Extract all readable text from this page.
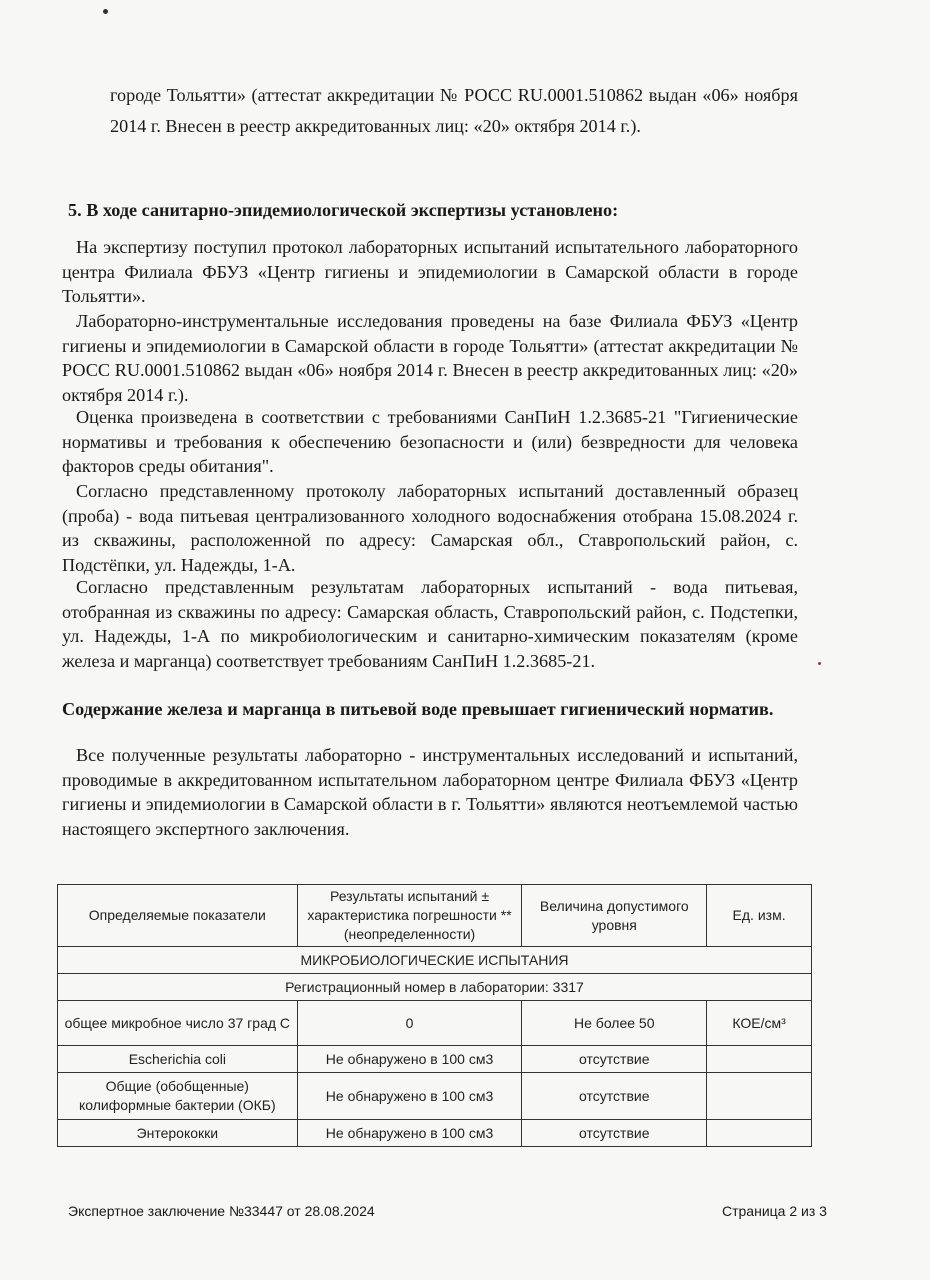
городе Тольятти» (аттестат аккредитации № РОСС RU.0001.510862 выдан «06» ноября 2014 г. Внесен в реестр аккредитованных лиц: «20» октября 2014 г.).
5. В ходе санитарно-эпидемиологической экспертизы установлено:
На экспертизу поступил протокол лабораторных испытаний испытательного лабораторного центра Филиала ФБУЗ «Центр гигиены и эпидемиологии в Самарской области в городе Тольятти».
Лабораторно-инструментальные исследования проведены на базе Филиала ФБУЗ «Центр гигиены и эпидемиологии в Самарской области в городе Тольятти» (аттестат аккредитации № РОСС RU.0001.510862 выдан «06» ноября 2014 г. Внесен в реестр аккредитованных лиц: «20» октября 2014 г.).
Оценка произведена в соответствии с требованиями СанПиН 1.2.3685-21 "Гигиенические нормативы и требования к обеспечению безопасности и (или) безвредности для человека факторов среды обитания".
Согласно представленному протоколу лабораторных испытаний доставленный образец (проба) - вода питьевая централизованного холодного водоснабжения отобрана 15.08.2024 г. из скважины, расположенной по адресу: Самарская обл., Ставропольский район, с. Подстёпки, ул. Надежды, 1-А.
Согласно представленным результатам лабораторных испытаний - вода питьевая, отобранная из скважины по адресу: Самарская область, Ставропольский район, с. Подстепки, ул. Надежды, 1-А по микробиологическим и санитарно-химическим показателям (кроме железа и марганца) соответствует требованиям СанПиН 1.2.3685-21.
Содержание железа и марганца в питьевой воде превышает гигиенический норматив.
Все полученные результаты лабораторно - инструментальных исследований и испытаний, проводимые в аккредитованном испытательном лабораторном центре Филиала ФБУЗ «Центр гигиены и эпидемиологии в Самарской области в г. Тольятти» являются неотъемлемой частью настоящего экспертного заключения.
Определяемые показатели	Результаты испытаний ± характеристика погрешности **(неопределенности)	Величина допустимого уровня	Ед. изм.
МИКРОБИОЛОГИЧЕСКИЕ ИСПЫТАНИЯ			
Регистрационный номер в лаборатории: 3317			
общее микробное число 37 град С	0	Не более 50	КОЕ/см³
Escherichia coli	Не обнаружено в 100 см3	отсутствие	
Общие (обобщенные) колиформные бактерии (ОКБ)	Не обнаружено в 100 см3	отсутствие	
Энтерококки	Не обнаружено в 100 см3	отсутствие	
Экспертное заключение №33447 от 28.08.2024	Страница 2 из 3
